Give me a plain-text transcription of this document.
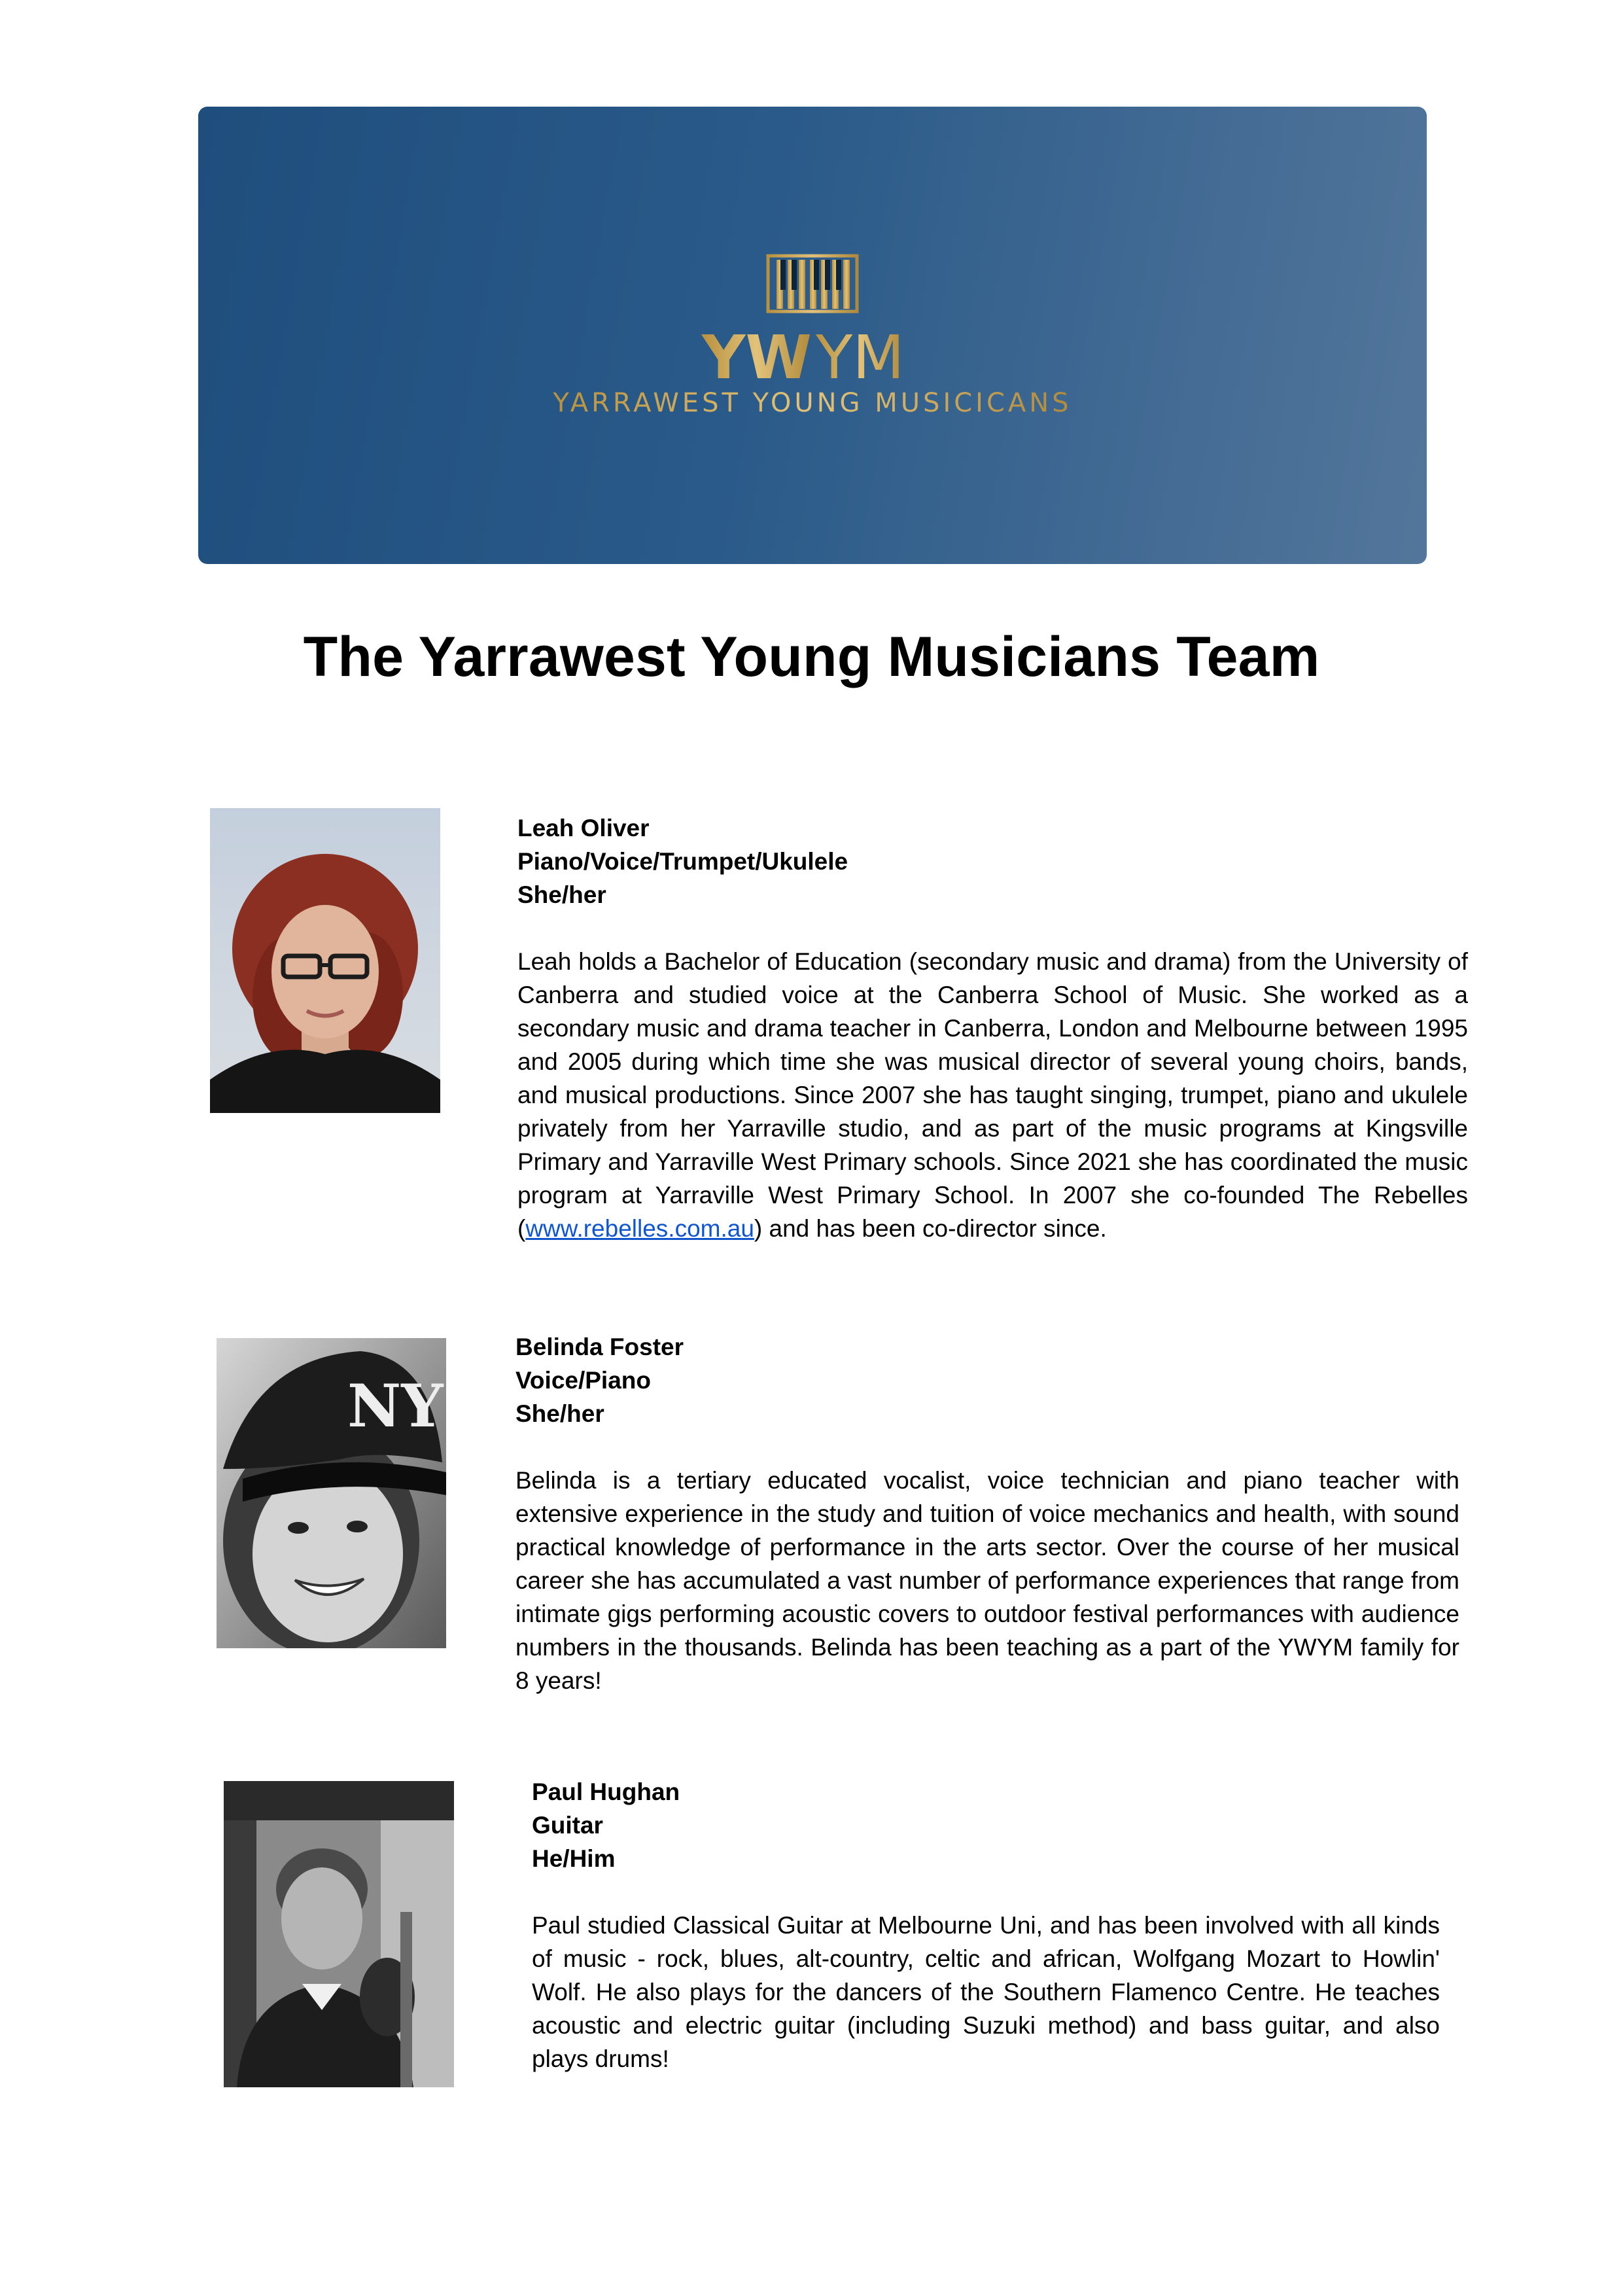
YW YM
YARRAWEST YOUNG MUSICICANS
The Yarrawest Young Musicians Team
Leah Oliver
Piano/Voice/Trumpet/Ukulele
She/her
Leah holds a Bachelor of Education (secondary music and drama) from the University of Canberra and studied voice at the Canberra School of Music. She worked as a secondary music and drama teacher in Canberra, London and Melbourne between 1995 and 2005 during which time she was musical director of several young choirs, bands, and musical productions. Since 2007 she has taught singing, trumpet, piano and ukulele privately from her Yarraville studio, and as part of the music programs at Kingsville Primary and Yarraville West Primary schools. Since 2021 she has coordinated the music program at Yarraville West Primary School. In 2007 she co-founded The Rebelles (www.rebelles.com.au) and has been co-director since.
NY
Belinda Foster
Voice/Piano
She/her
Belinda is a tertiary educated vocalist, voice technician and piano teacher with extensive experience in the study and tuition of voice mechanics and health, with sound practical knowledge of performance in the arts sector. Over the course of her musical career she has accumulated a vast number of performance experiences that range from intimate gigs performing acoustic covers to outdoor festival performances with audience numbers in the thousands. Belinda has been teaching as a part of the YWYM family for 8 years!
Paul Hughan
Guitar
He/Him
Paul studied Classical Guitar at Melbourne Uni, and has been involved with all kinds of music - rock, blues, alt-country, celtic and african, Wolfgang Mozart to Howlin' Wolf. He also plays for the dancers of the Southern Flamenco Centre. He teaches acoustic and electric guitar (including Suzuki method) and bass guitar, and also plays drums!
